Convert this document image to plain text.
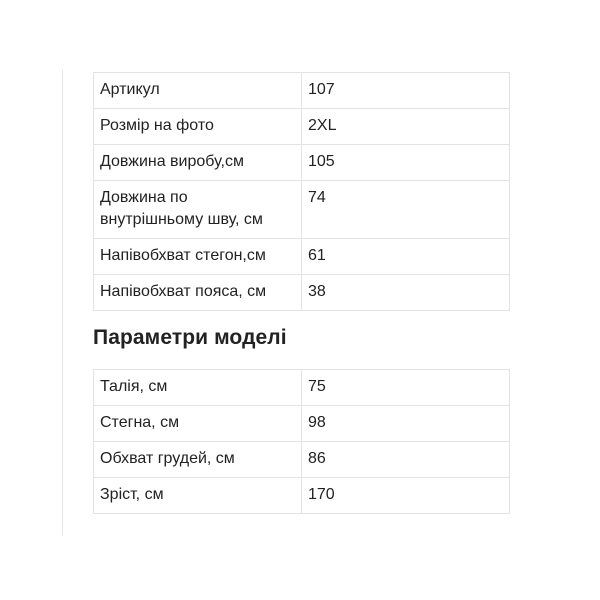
Артикул	107
Розмір на фото	2XL
Довжина виробу,см	105
Довжина по внутрішньому шву, см	74
Напівобхват стегон,см	61
Напівобхват пояса, см	38
Параметри моделі
Талія, см	75
Стегна, см	98
Обхват грудей, см	86
Зріст, см	170
